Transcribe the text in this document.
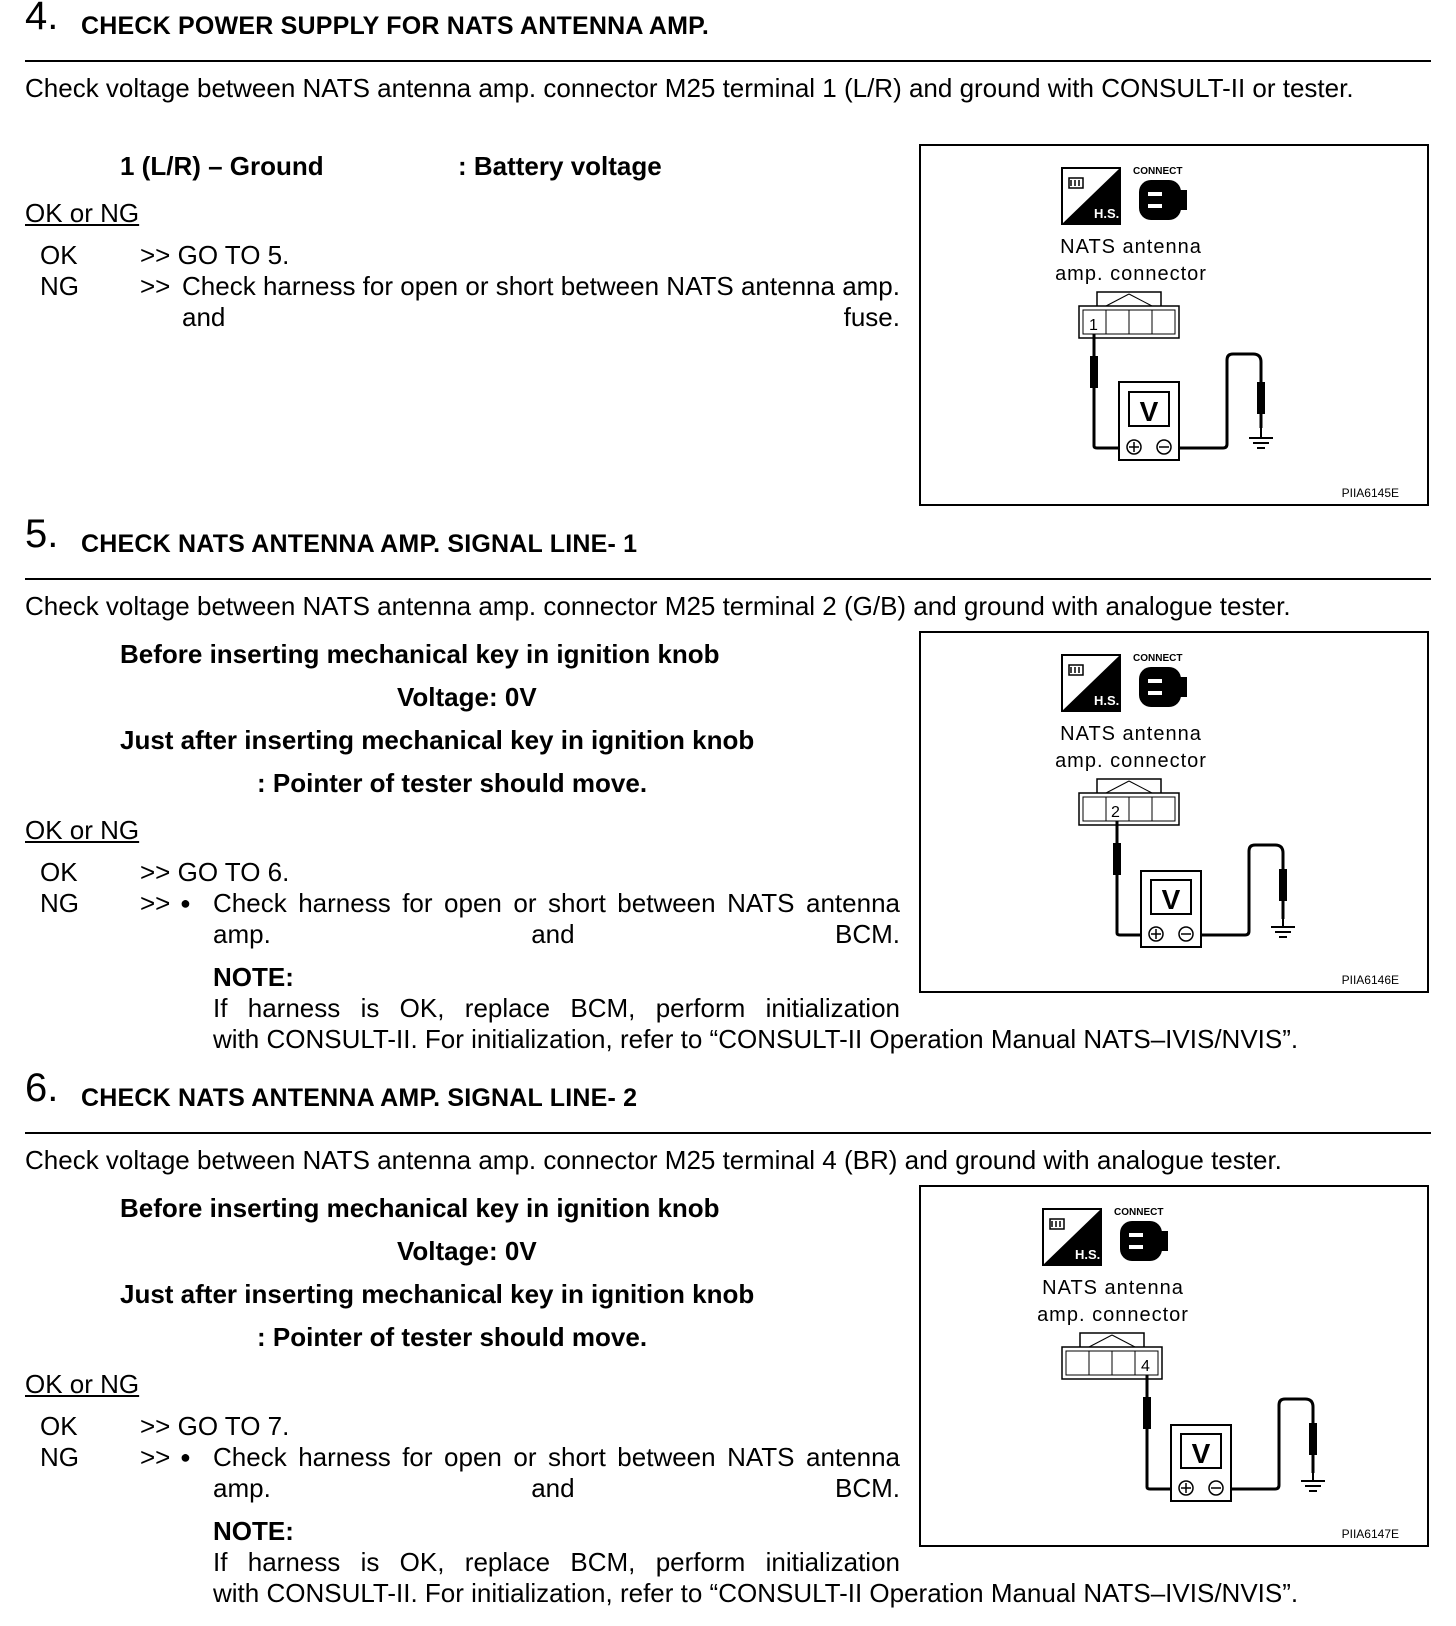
4. CHECK POWER SUPPLY FOR NATS ANTENNA AMP.
Check voltage between NATS antenna amp. connector M25 terminal 1 (L/R) and ground with CONSULT-II or tester.
1 (L/R) – Ground	: Battery voltage
OK or NG
OK >> GO TO 5.
NG >> Check harness for open or short between NATS antenna amp. and fuse.
H.S.
CONNECT
1
V
NATS antenna
amp. connector
PIIA6145E
5. CHECK NATS ANTENNA AMP. SIGNAL LINE- 1
Check voltage between NATS antenna amp. connector M25 terminal 2 (G/B) and ground with analogue tester.
Before inserting mechanical key in ignition knob
Voltage: 0V
Just after inserting mechanical key in ignition knob
: Pointer of tester should move.
OK or NG
OK >> GO TO 6.
NG >> ● Check harness for open or short between NATS antenna amp. and BCM.
NOTE:
If harness is OK, replace BCM, perform initialization
with CONSULT-II. For initialization, refer to “CONSULT-II Operation Manual NATS–IVIS/NVIS”.
H.S.
CONNECT
2
V
NATS antenna
amp. connector
PIIA6146E
6. CHECK NATS ANTENNA AMP. SIGNAL LINE- 2
Check voltage between NATS antenna amp. connector M25 terminal 4 (BR) and ground with analogue tester.
Before inserting mechanical key in ignition knob
Voltage: 0V
Just after inserting mechanical key in ignition knob
: Pointer of tester should move.
OK or NG
OK >> GO TO 7.
NG >> ● Check harness for open or short between NATS antenna amp. and BCM.
NOTE:
If harness is OK, replace BCM, perform initialization
with CONSULT-II. For initialization, refer to “CONSULT-II Operation Manual NATS–IVIS/NVIS”.
H.S.
CONNECT
4
V
NATS antenna
amp. connector
PIIA6147E
